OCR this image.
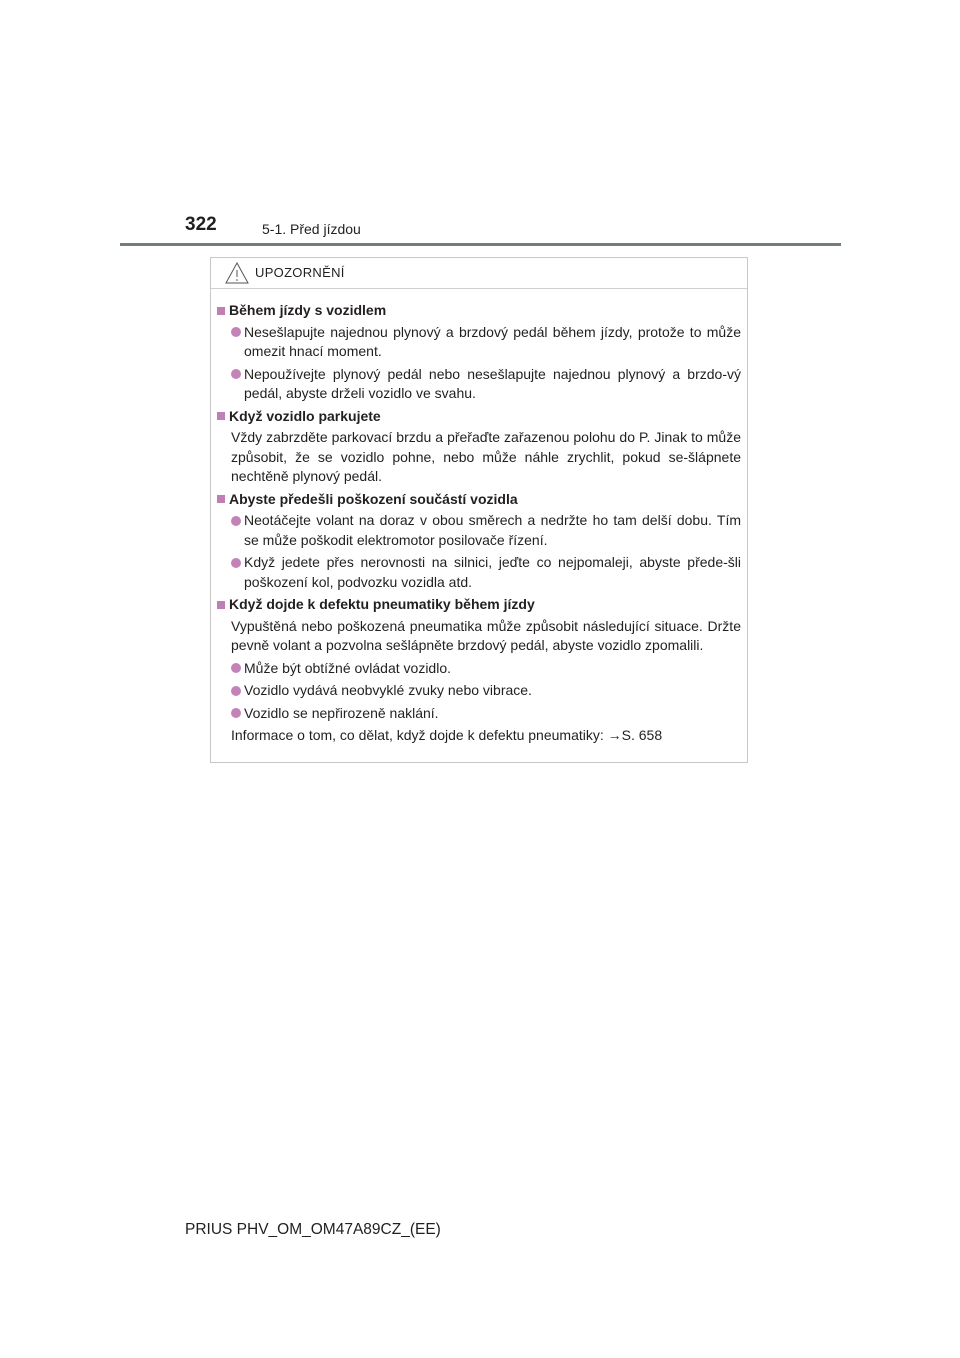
322	5-1. Před jízdou
UPOZORNĚNÍ
Během jízdy s vozidlem
Nesešlapujte najednou plynový a brzdový pedál během jízdy, protože to může omezit hnací moment.
Nepoužívejte plynový pedál nebo nesešlapujte najednou plynový a brzdo-vý pedál, abyste drželi vozidlo ve svahu.
Když vozidlo parkujete
Vždy zabrzděte parkovací brzdu a přeřaďte zařazenou polohu do P. Jinak to může způsobit, že se vozidlo pohne, nebo může náhle zrychlit, pokud se-šlápnete nechtěně plynový pedál.
Abyste předešli poškození součástí vozidla
Neotáčejte volant na doraz v obou směrech a nedržte ho tam delší dobu. Tím se může poškodit elektromotor posilovače řízení.
Když jedete přes nerovnosti na silnici, jeďte co nejpomaleji, abyste přede-šli poškození kol, podvozku vozidla atd.
Když dojde k defektu pneumatiky během jízdy
Vypuštěná nebo poškozená pneumatika může způsobit následující situace. Držte pevně volant a pozvolna sešlápněte brzdový pedál, abyste vozidlo zpomalili.
Může být obtížné ovládat vozidlo.
Vozidlo vydává neobvyklé zvuky nebo vibrace.
Vozidlo se nepřirozeně naklání.
Informace o tom, co dělat, když dojde k defektu pneumatiky: →S. 658
PRIUS PHV_OM_OM47A89CZ_(EE)
